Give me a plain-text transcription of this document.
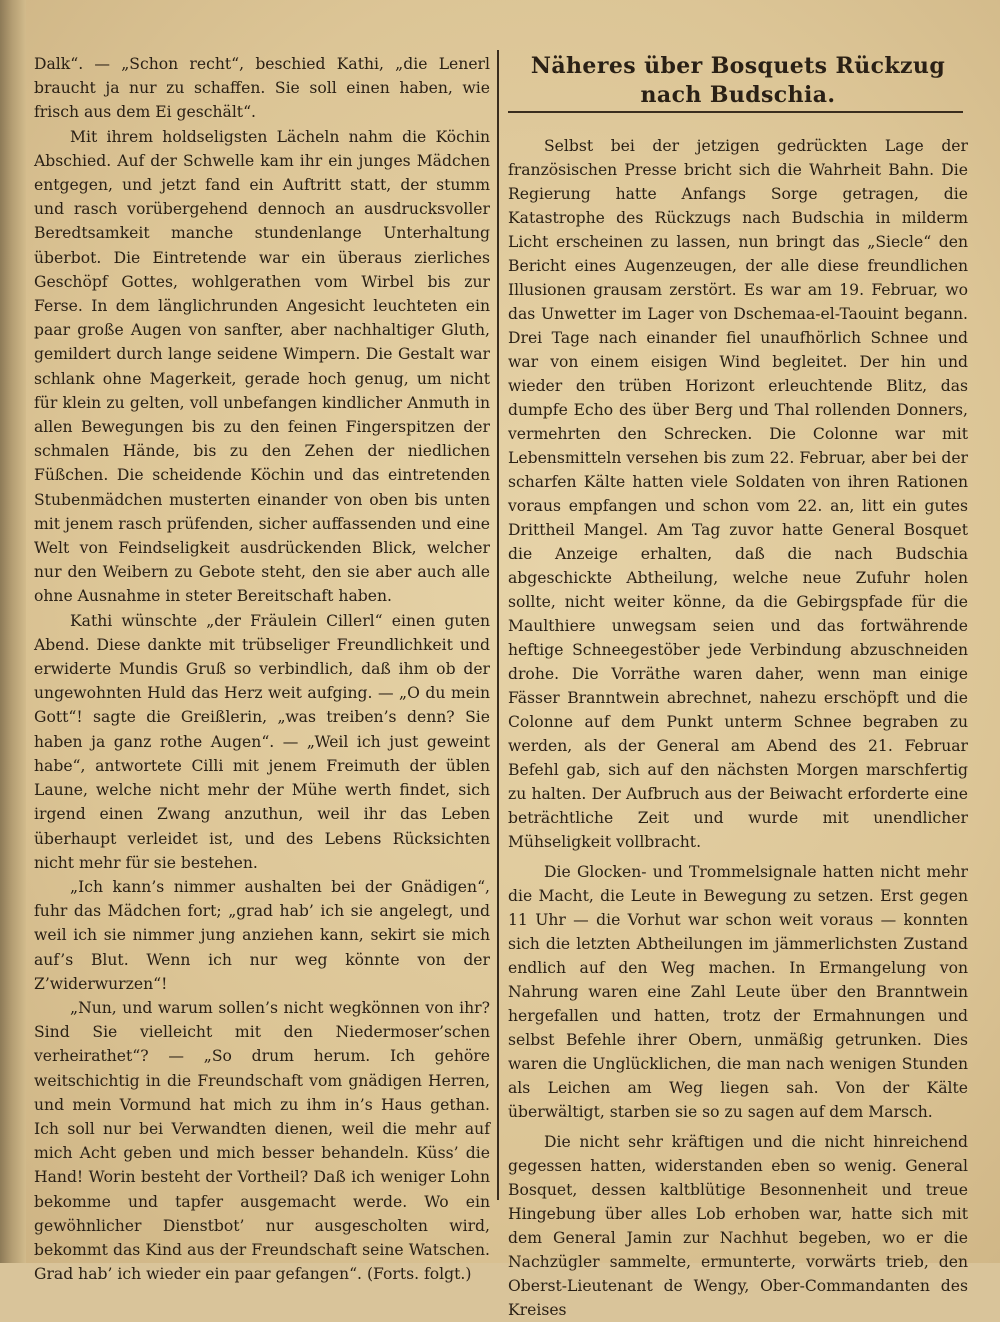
Dalk“. — „Schon recht“, beschied Kathi, „die Lenerl braucht ja nur zu schaffen. Sie soll einen haben, wie frisch aus dem Ei geschält“.

Mit ihrem holdseligsten Lächeln nahm die Köchin Abschied. Auf der Schwelle kam ihr ein junges Mädchen entgegen, und jetzt fand ein Auftritt statt, der stumm und rasch vorübergehend dennoch an ausdrucksvoller Beredtsamkeit manche stundenlange Unterhaltung überbot. Die Eintretende war ein überaus zierliches Geschöpf Gottes, wohlgerathen vom Wirbel bis zur Ferse. In dem länglichrunden Angesicht leuchteten ein paar große Augen von sanfter, aber nachhaltiger Gluth, gemildert durch lange seidene Wimpern. Die Gestalt war schlank ohne Magerkeit, gerade hoch genug, um nicht für klein zu gelten, voll unbefangen kindlicher Anmuth in allen Bewegungen bis zu den feinen Fingerspitzen der schmalen Hände, bis zu den Zehen der niedlichen Füßchen. Die scheidende Köchin und das eintretenden Stubenmädchen musterten einander von oben bis unten mit jenem rasch prüfenden, sicher auffassenden und eine Welt von Feindseligkeit ausdrückenden Blick, welcher nur den Weibern zu Gebote steht, den sie aber auch alle ohne Ausnahme in steter Bereitschaft haben.

Kathi wünschte „der Fräulein Cillerl“ einen guten Abend. Diese dankte mit trübseliger Freundlichkeit und erwiderte Mundis Gruß so verbindlich, daß ihm ob der ungewohnten Huld das Herz weit aufging. — „O du mein Gott“! sagte die Greißlerin, „was treiben’s denn? Sie haben ja ganz rothe Augen“. — „Weil ich just geweint habe“, antwortete Cilli mit jenem Freimuth der üblen Laune, welche nicht mehr der Mühe werth findet, sich irgend einen Zwang anzuthun, weil ihr das Leben überhaupt verleidet ist, und des Lebens Rücksichten nicht mehr für sie bestehen.

„Ich kann’s nimmer aushalten bei der Gnädigen“, fuhr das Mädchen fort; „grad hab’ ich sie angelegt, und weil ich sie nimmer jung anziehen kann, sekirt sie mich auf’s Blut. Wenn ich nur weg könnte von der Z’widerwurzen“!

„Nun, und warum sollen’s nicht wegkönnen von ihr? Sind Sie vielleicht mit den Niedermoser’schen verheirathet“? — „So drum herum. Ich gehöre weitschichtig in die Freundschaft vom gnädigen Herren, und mein Vormund hat mich zu ihm in’s Haus gethan. Ich soll nur bei Verwandten dienen, weil die mehr auf mich Acht geben und mich besser behandeln. Küss’ die Hand! Worin besteht der Vortheil? Daß ich weniger Lohn bekomme und tapfer ausgemacht werde. Wo ein gewöhnlicher Dienstbot’ nur ausgescholten wird, bekommt das Kind aus der Freundschaft seine Watschen. Grad hab’ ich wieder ein paar gefangen“. (Forts. folgt.)

Näheres über Bosquets Rückzug nach Budschia.

Selbst bei der jetzigen gedrückten Lage der französischen Presse bricht sich die Wahrheit Bahn. Die Regierung hatte Anfangs Sorge getragen, die Katastrophe des Rückzugs nach Budschia in milderm Licht erscheinen zu lassen, nun bringt das „Siecle“ den Bericht eines Augenzeugen, der alle diese freundlichen Illusionen grausam zerstört. Es war am 19. Februar, wo das Unwetter im Lager von Dschemaa-el-Taouint begann. Drei Tage nach einander fiel unaufhörlich Schnee und war von einem eisigen Wind begleitet. Der hin und wieder den trüben Horizont erleuchtende Blitz, das dumpfe Echo des über Berg und Thal rollenden Donners, vermehrten den Schrecken. Die Colonne war mit Lebensmitteln versehen bis zum 22. Februar, aber bei der scharfen Kälte hatten viele Soldaten von ihren Rationen voraus empfangen und schon vom 22. an, litt ein gutes Drittheil Mangel. Am Tag zuvor hatte General Bosquet die Anzeige erhalten, daß die nach Budschia abgeschickte Abtheilung, welche neue Zufuhr holen sollte, nicht weiter könne, da die Gebirgspfade für die Maulthiere unwegsam seien und das fortwährende heftige Schneegestöber jede Verbindung abzuschneiden drohe. Die Vorräthe waren daher, wenn man einige Fässer Branntwein abrechnet, nahezu erschöpft und die Colonne auf dem Punkt unterm Schnee begraben zu werden, als der General am Abend des 21. Februar Befehl gab, sich auf den nächsten Morgen marschfertig zu halten. Der Aufbruch aus der Beiwacht erforderte eine beträchtliche Zeit und wurde mit unendlicher Mühseligkeit vollbracht.

Die Glocken- und Trommelsignale hatten nicht mehr die Macht, die Leute in Bewegung zu setzen. Erst gegen 11 Uhr — die Vorhut war schon weit voraus — konnten sich die letzten Abtheilungen im jämmerlichsten Zustand endlich auf den Weg machen. In Ermangelung von Nahrung waren eine Zahl Leute über den Branntwein hergefallen und hatten, trotz der Ermahnungen und selbst Befehle ihrer Obern, unmäßig getrunken. Dies waren die Unglücklichen, die man nach wenigen Stunden als Leichen am Weg liegen sah. Von der Kälte überwältigt, starben sie so zu sagen auf dem Marsch.

Die nicht sehr kräftigen und die nicht hinreichend gegessen hatten, widerstanden eben so wenig. General Bosquet, dessen kaltblütige Besonnenheit und treue Hingebung über alles Lob erhoben war, hatte sich mit dem General Jamin zur Nachhut begeben, wo er die Nachzügler sammelte, ermunterte, vorwärts trieb, den Oberst-Lieutenant de Wengy, Ober-Commandanten des Kreises
